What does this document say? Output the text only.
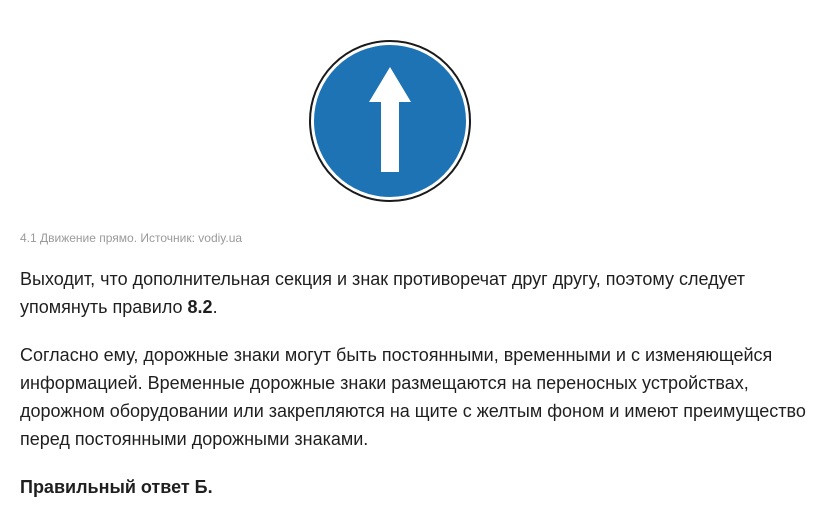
4.1 Движение прямо. Источник: vodiy.ua

Выходит, что дополнительная секция и знак противоречат друг другу, поэтому следует упомянуть правило 8.2.

Согласно ему, дорожные знаки могут быть постоянными, временными и с изменяющейся информацией. Временные дорожные знаки размещаются на переносных устройствах, дорожном оборудовании или закрепляются на щите с желтым фоном и имеют преимущество перед постоянными дорожными знаками.

Правильный ответ Б.
